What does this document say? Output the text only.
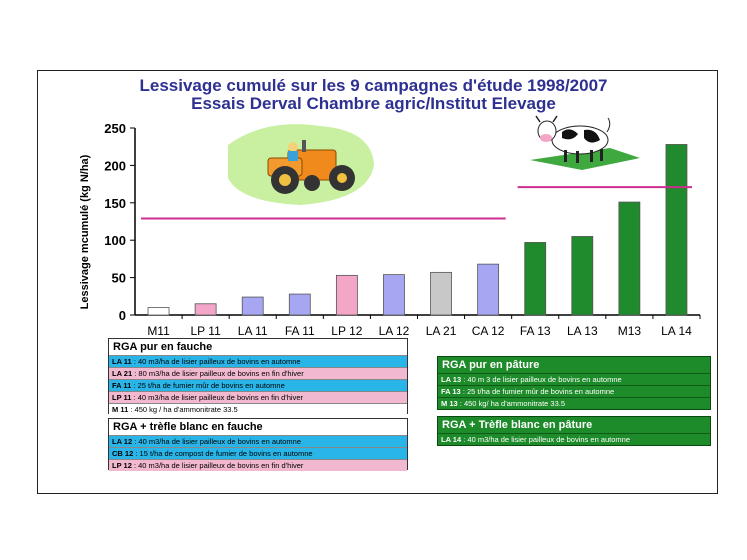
Lessivage cumulé sur les 9 campagnes d'étude 1998/2007
Essais Derval Chambre agric/Institut Elevage
0
50
100
150
200
250
M11 LP 11 LA 11 FA 11 LP 12 LA 12 LA 21 CA 12 FA 13 LA 13 M13 LA 14
Lessivage mcumulé (kg N/ha)
RGA pur en fauche
LA 11 : 40 m3/ha de lisier pailleux de bovins en automne
LA 21 : 80 m3/ha de lisier pailleux de bovins en fin d'hiver
FA 11 : 25 t/ha de fumier mûr de bovins en automne
LP 11 : 40 m3/ha de lisier pailleux de bovins en fin d'hiver
M 11 : 450 kg / ha d'ammonitrate 33.5
RGA + trèfle blanc en fauche
LA 12 : 40 m3/ha de lisier pailleux de bovins en automne
CB 12 : 15 t/ha de compost de fumier de bovins en automne
LP 12 : 40 m3/ha de lisier pailleux de bovins en fin d'hiver
RGA pur en pâture
LA 13 : 40 m 3 de lisier pailleux de bovins en automne
FA 13 : 25 t/ha de fumier mûr de bovins en automne
M 13 : 450 kg/ ha d'ammonitrate 33.5
RGA + Trèfle blanc en pâture
LA 14 : 40 m3/ha de lisier pailleux de bovins en automne
